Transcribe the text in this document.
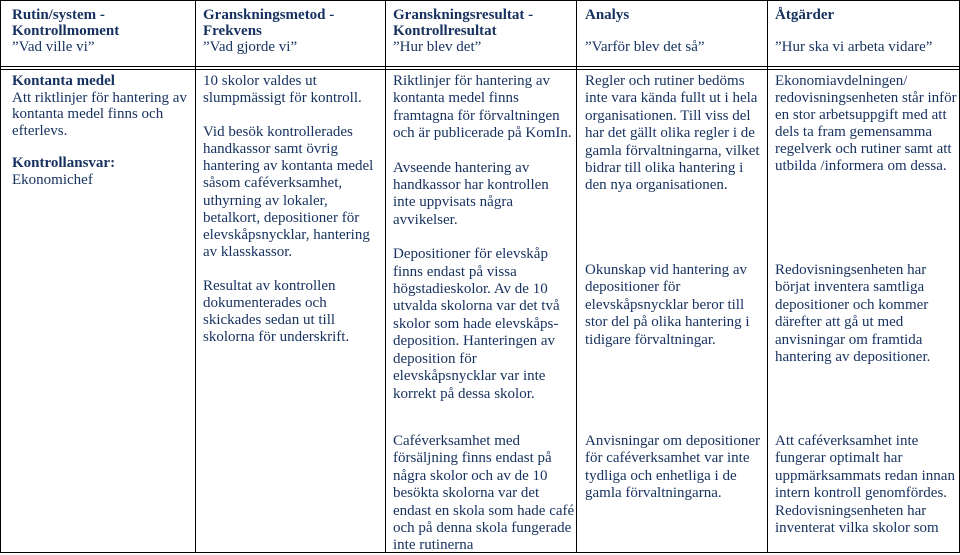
Rutin/system -
Kontrollmoment
”Vad ville vi”
Granskningsmetod -
Frekvens
”Vad gjorde vi”
Granskningsresultat -
Kontrollresultat
”Hur blev det”
Analys
”Varför blev det så”
Åtgärder
”Hur ska vi arbeta vidare”

Kontanta medel

Att riktlinjer för hantering av kontanta medel finns och efterlevs.

Kontrollansvar:

Ekonomichef

10 skolor valdes ut slumpmässigt för kontroll.

Vid besök kontrollerades handkassor samt övrig hantering av kontanta medel såsom caféverksamhet, uthyrning av lokaler, betalkort, depositioner för elevskåpsnycklar, hantering av klasskassor.

Resultat av kontrollen dokumenterades och skickades sedan ut till skolorna för underskrift.

Riktlinjer för hantering av kontanta medel finns framtagna för förvaltningen och är publicerade på KomIn.

Avseende hantering av handkassor har kontrollen inte uppvisats några avvikelser.

Depositioner för elevskåp finns endast på vissa högstadieskolor. Av de 10 utvalda skolorna var det två skolor som hade elevskåps-deposition. Hanteringen av deposition för elevskåpsnycklar var inte korrekt på dessa skolor.

Caféverksamhet med försäljning finns endast på några skolor och av de 10 besökta skolorna var det endast en skola som hade café och på denna skola fungerade inte rutinerna

Regler och rutiner bedöms inte vara kända fullt ut i hela organisationen. Till viss del har det gällt olika regler i de gamla förvaltningarna, vilket bidrar till olika hantering i den nya organisationen.

Okunskap vid hantering av depositioner för elevskåpsnycklar beror till stor del på olika hantering i tidigare förvaltningar.

Anvisningar om depositioner för caféverksamhet var inte tydliga och enhetliga i de gamla förvaltningarna.

Ekonomiavdelningen/ redovisningsenheten står inför en stor arbetsuppgift med att dels ta fram gemensamma regelverk och rutiner samt att utbilda /informera om dessa.

Redovisningsenheten har börjat inventera samtliga depositioner och kommer därefter att gå ut med anvisningar om framtida hantering av depositioner.

Att caféverksamhet inte fungerar optimalt har uppmärksammats redan innan intern kontroll genomfördes. Redovisningsenheten har inventerat vilka skolor som
